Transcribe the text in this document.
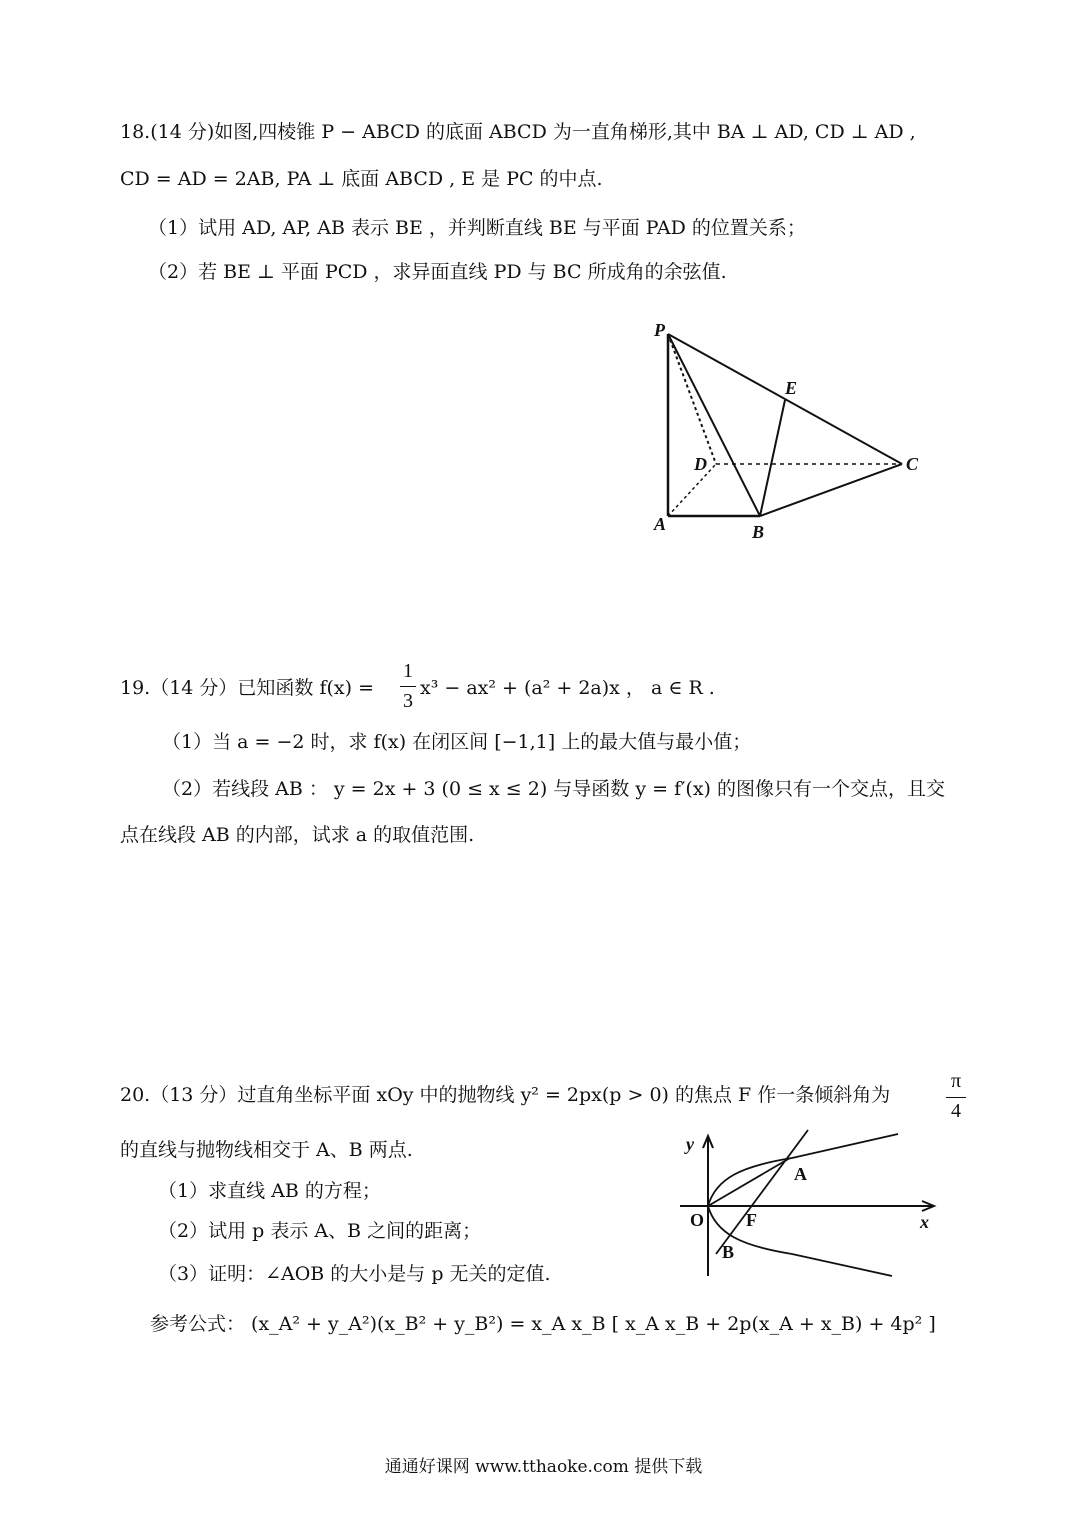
18.(14 分)如图,四棱锥 P − ABCD 的底面 ABCD 为一直角梯形,其中 BA ⊥ AD, CD ⊥ AD ,
CD = AD = 2AB, PA ⊥ 底面 ABCD , E 是 PC 的中点.
（1）试用 AD, AP, AB 表示 BE ，并判断直线 BE 与平面 PAD 的位置关系；
（2）若 BE ⊥ 平面 PCD ，求异面直线 PD 与 BC 所成角的余弦值.
P
E
D	C
A	B
19.（14 分）已知函数 f(x) =
1
3
x³ − ax² + (a² + 2a)x ， a ∈ R .
（1）当 a = −2 时，求 f(x) 在闭区间 [−1,1] 上的最大值与最小值；
（2）若线段 AB ： y = 2x + 3 (0 ≤ x ≤ 2) 与导函数 y = f′(x) 的图像只有一个交点，且交
点在线段 AB 的内部，试求 a 的取值范围.
20.（13 分）过直角坐标平面 xOy 中的抛物线 y² = 2px(p > 0) 的焦点 F 作一条倾斜角为
π
4
的直线与抛物线相交于 A、B 两点.
（1）求直线 AB 的方程；
（2）试用 p 表示 A、B 之间的距离；
（3）证明：∠AOB 的大小是与 p 无关的定值.
参考公式： (x_A² + y_A²)(x_B² + y_B²) = x_A x_B [ x_A x_B + 2p(x_A + x_B) + 4p² ]
y
x
O F
A
B
通通好课网 www.tthaoke.com 提供下载
